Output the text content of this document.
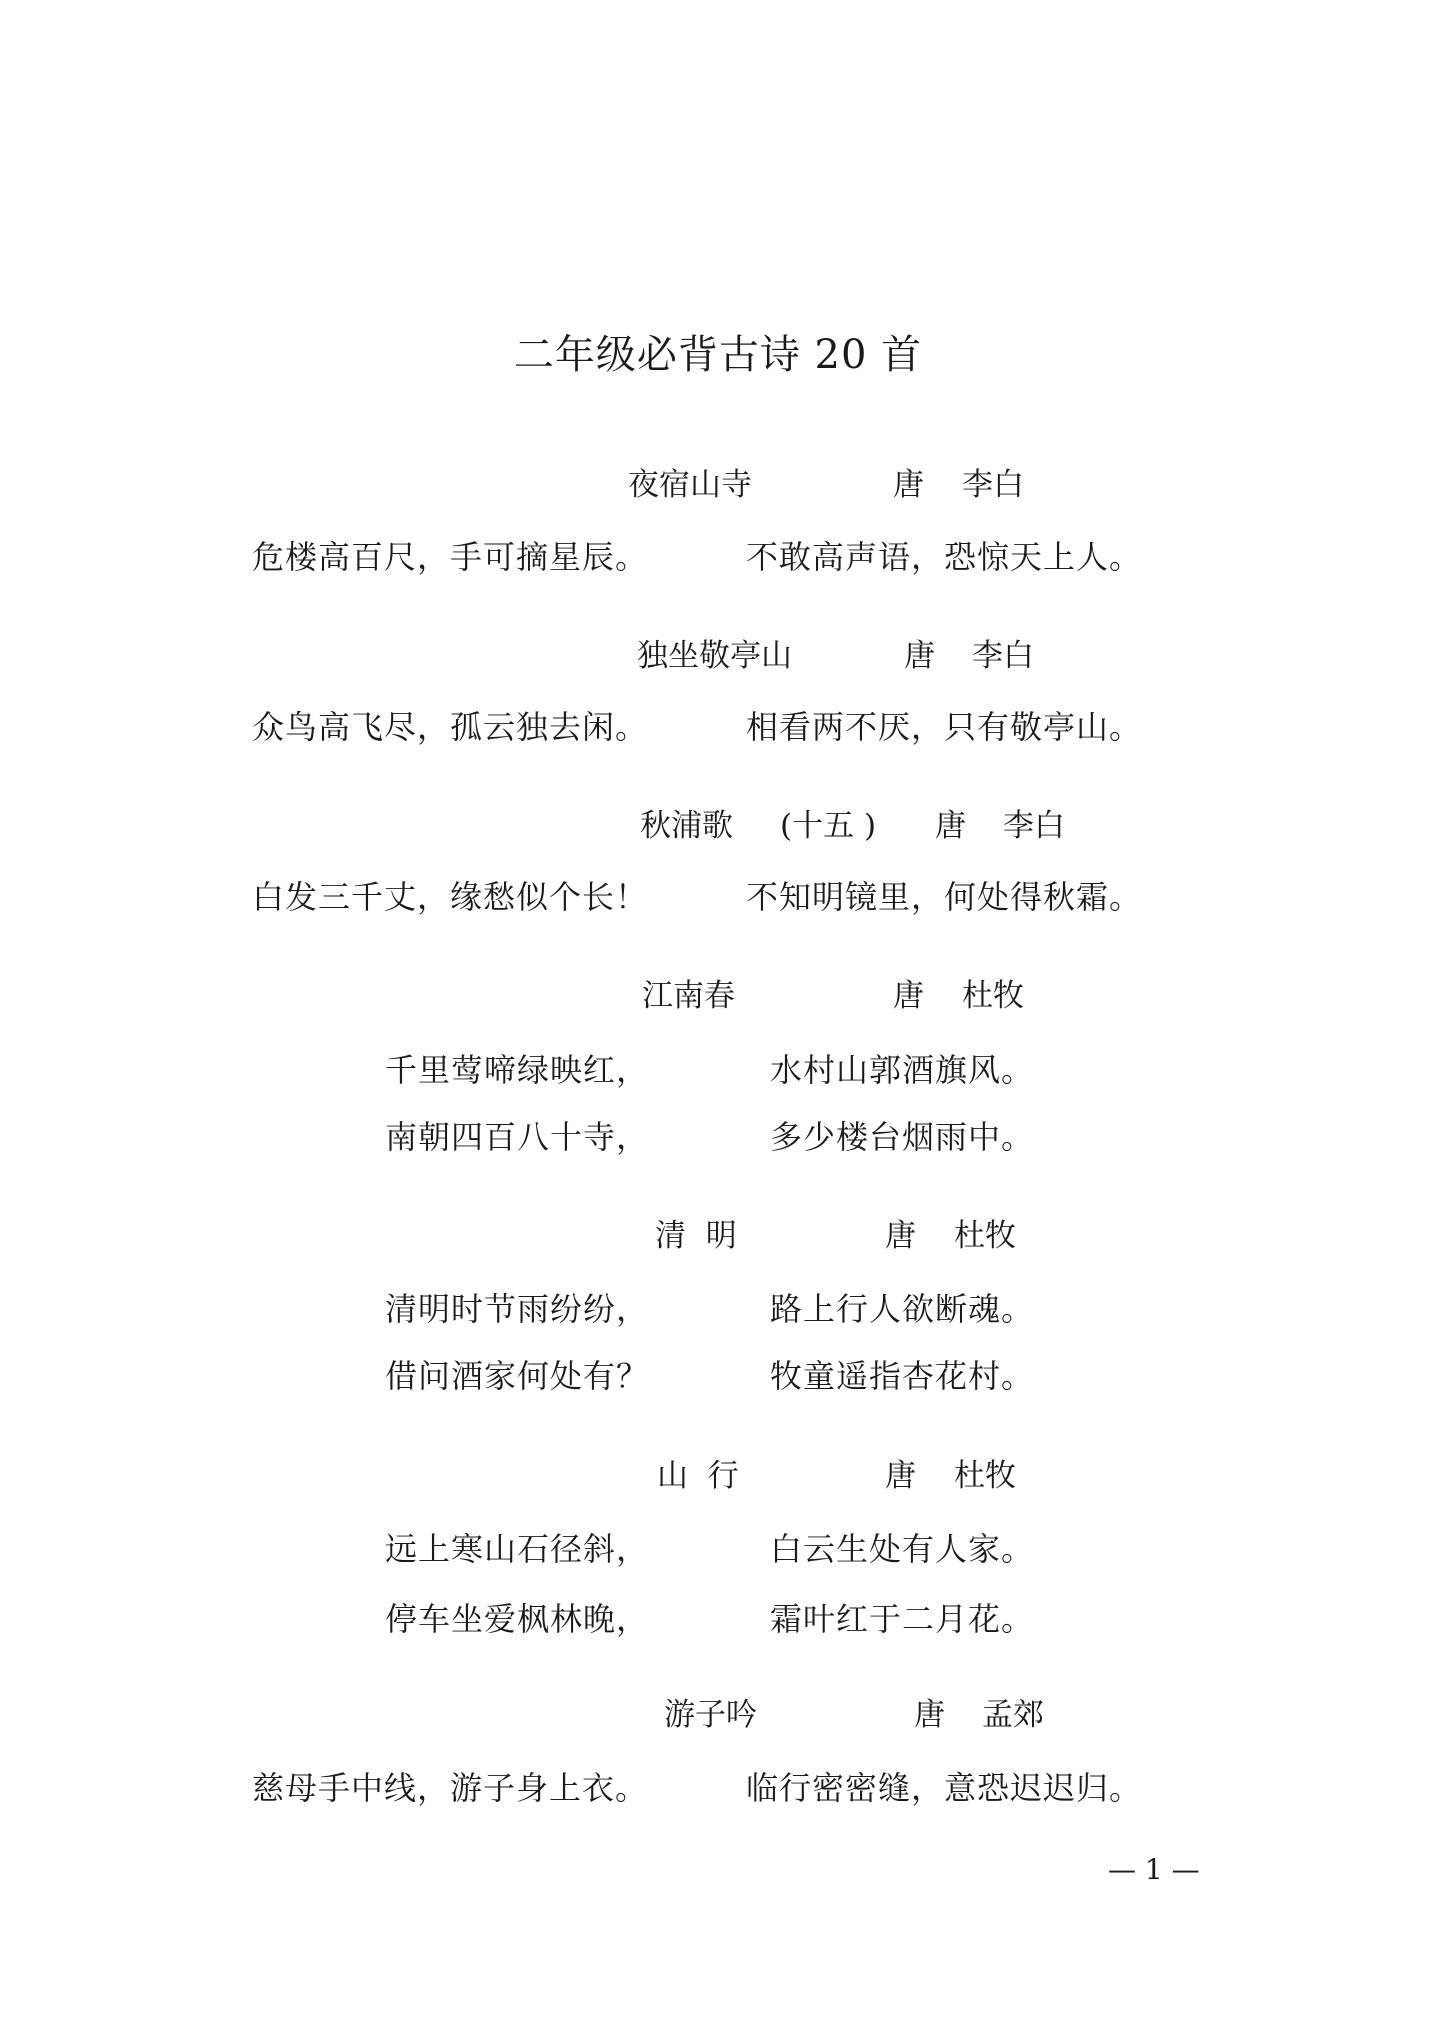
二年级必背古诗 20 首
夜宿山寺	唐 李白
危楼高百尺，手可摘星辰。	不敢高声语，恐惊天上人。
独坐敬亭山	唐 李白
众鸟高飞尽，孤云独去闲。	相看两不厌，只有敬亭山。
秋浦歌 (十五 ) 唐 李白
白发三千丈，缘愁似个长！	不知明镜里，何处得秋霜。
江南春	唐 杜牧
千里莺啼绿映红，	水村山郭酒旗风。
南朝四百八十寺，	多少楼台烟雨中。
清  明	唐 杜牧
清明时节雨纷纷，	路上行人欲断魂。
借问酒家何处有？	牧童遥指杏花村。
山  行	唐 杜牧
远上寒山石径斜，	白云生处有人家。
停车坐爱枫林晚，	霜叶红于二月花。
游子吟	唐 孟郊
慈母手中线，游子身上衣。	临行密密缝，意恐迟迟归。
— 1 —
